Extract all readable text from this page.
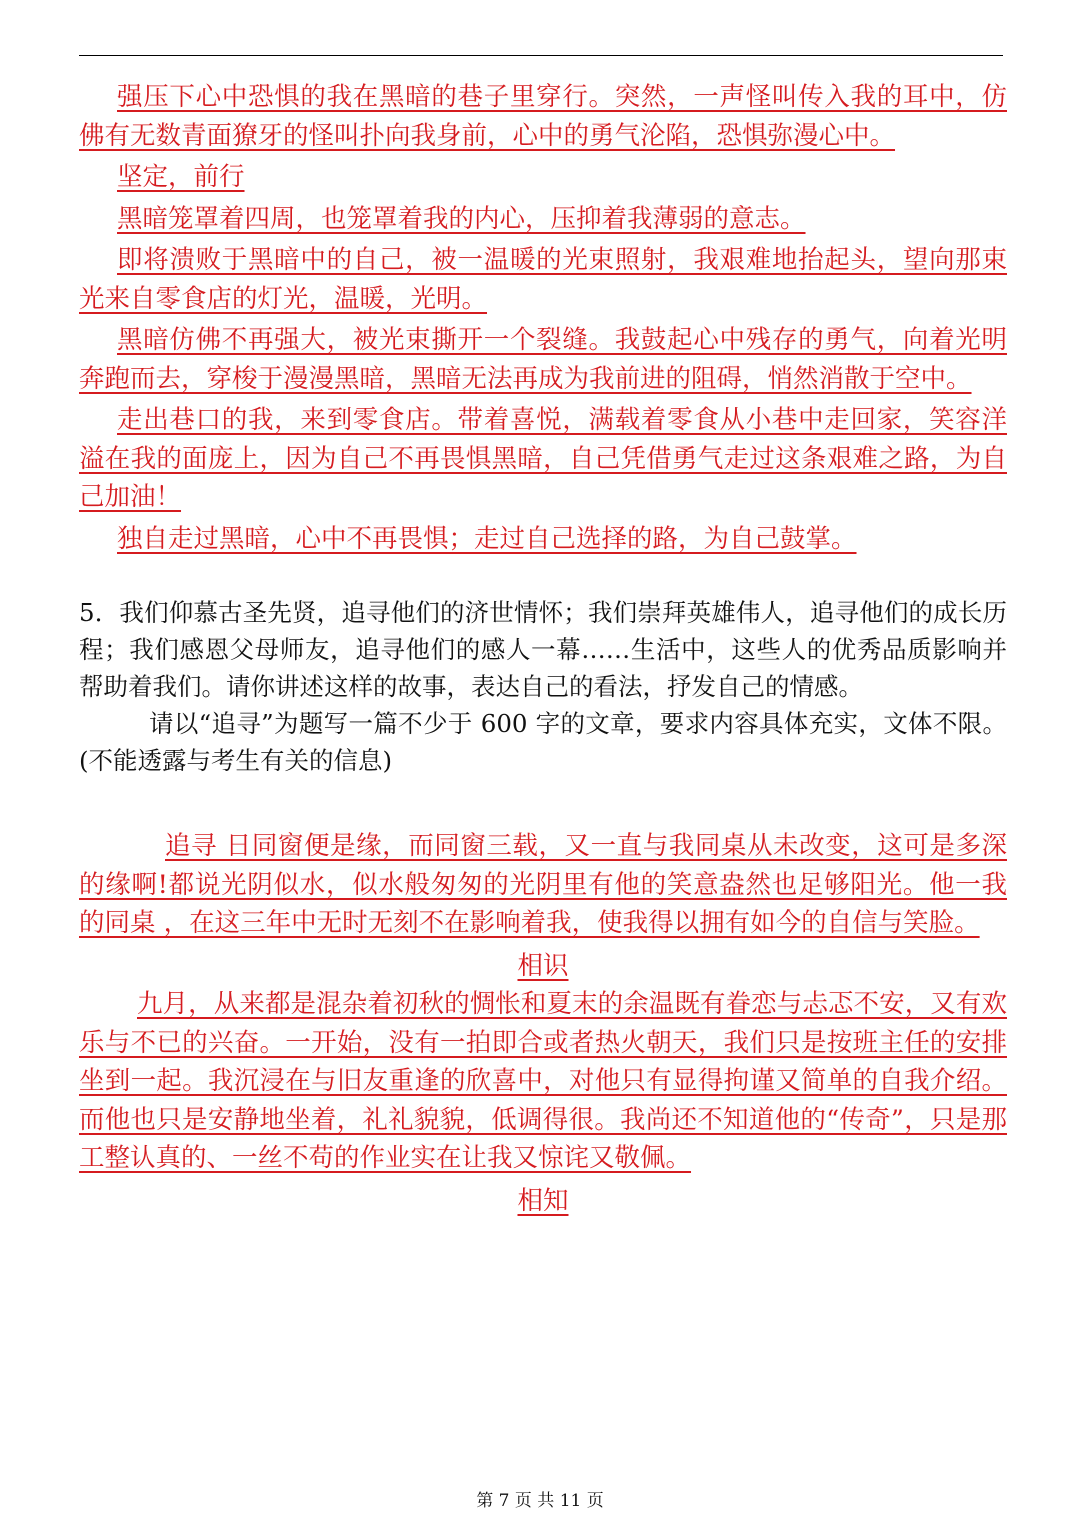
强压下心中恐惧的我在黑暗的巷子里穿行。突然，一声怪叫传入我的耳中，仿佛有无数青面獠牙的怪叫扑向我身前，心中的勇气沦陷，恐惧弥漫心中。

坚定，前行

黑暗笼罩着四周，也笼罩着我的内心，压抑着我薄弱的意志。

即将溃败于黑暗中的自己，被一温暖的光束照射，我艰难地抬起头，望向那束光来自零食店的灯光，温暖，光明。

黑暗仿佛不再强大，被光束撕开一个裂缝。我鼓起心中残存的勇气，向着光明奔跑而去，穿梭于漫漫黑暗，黑暗无法再成为我前进的阻碍，悄然消散于空中。

走出巷口的我，来到零食店。带着喜悦，满载着零食从小巷中走回家，笑容洋溢在我的面庞上，因为自己不再畏惧黑暗，自己凭借勇气走过这条艰难之路，为自己加油！

独自走过黑暗，心中不再畏惧；走过自己选择的路，为自己鼓掌。

5．我们仰慕古圣先贤，追寻他们的济世情怀；我们崇拜英雄伟人，追寻他们的成长历程；我们感恩父母师友，追寻他们的感人一幕……生活中，这些人的优秀品质影响并帮助着我们。请你讲述这样的故事，表达自己的看法，抒发自己的情感。

请以“追寻”为题写一篇不少于 600 字的文章，要求内容具体充实，文体不限。(不能透露与考生有关的信息)

追寻 日同窗便是缘，而同窗三载，又一直与我同桌从未改变，这可是多深的缘啊!都说光阴似水，似水般匆匆的光阴里有他的笑意盎然也足够阳光。他一我的同桌 ，在这三年中无时无刻不在影响着我，使我得以拥有如今的自信与笑脸。

相识

九月，从来都是混杂着初秋的惆怅和夏末的余温既有眷恋与忐忑不安，又有欢乐与不已的兴奋。一开始，没有一拍即合或者热火朝天，我们只是按班主任的安排坐到一起。我沉浸在与旧友重逢的欣喜中，对他只有显得拘谨又简单的自我介绍。而他也只是安静地坐着，礼礼貌貌，低调得很。我尚还不知道他的“传奇”，只是那工整认真的、一丝不苟的作业实在让我又惊诧又敬佩。

相知

第 7 页 共 11 页
